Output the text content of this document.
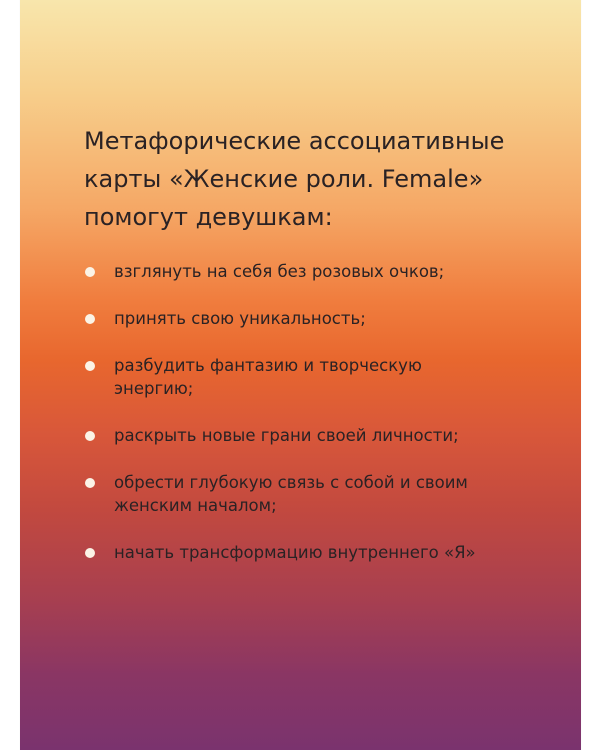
Метафорические ассоциативные
карты «Женские роли. Female»
помогут девушкам:
взглянуть на себя без розовых очков;
принять свою уникальность;
разбудить фантазию и творческую
энергию;
раскрыть новые грани своей личности;
обрести глубокую связь с собой и своим
женским началом;
начать трансформацию внутреннего «Я»
